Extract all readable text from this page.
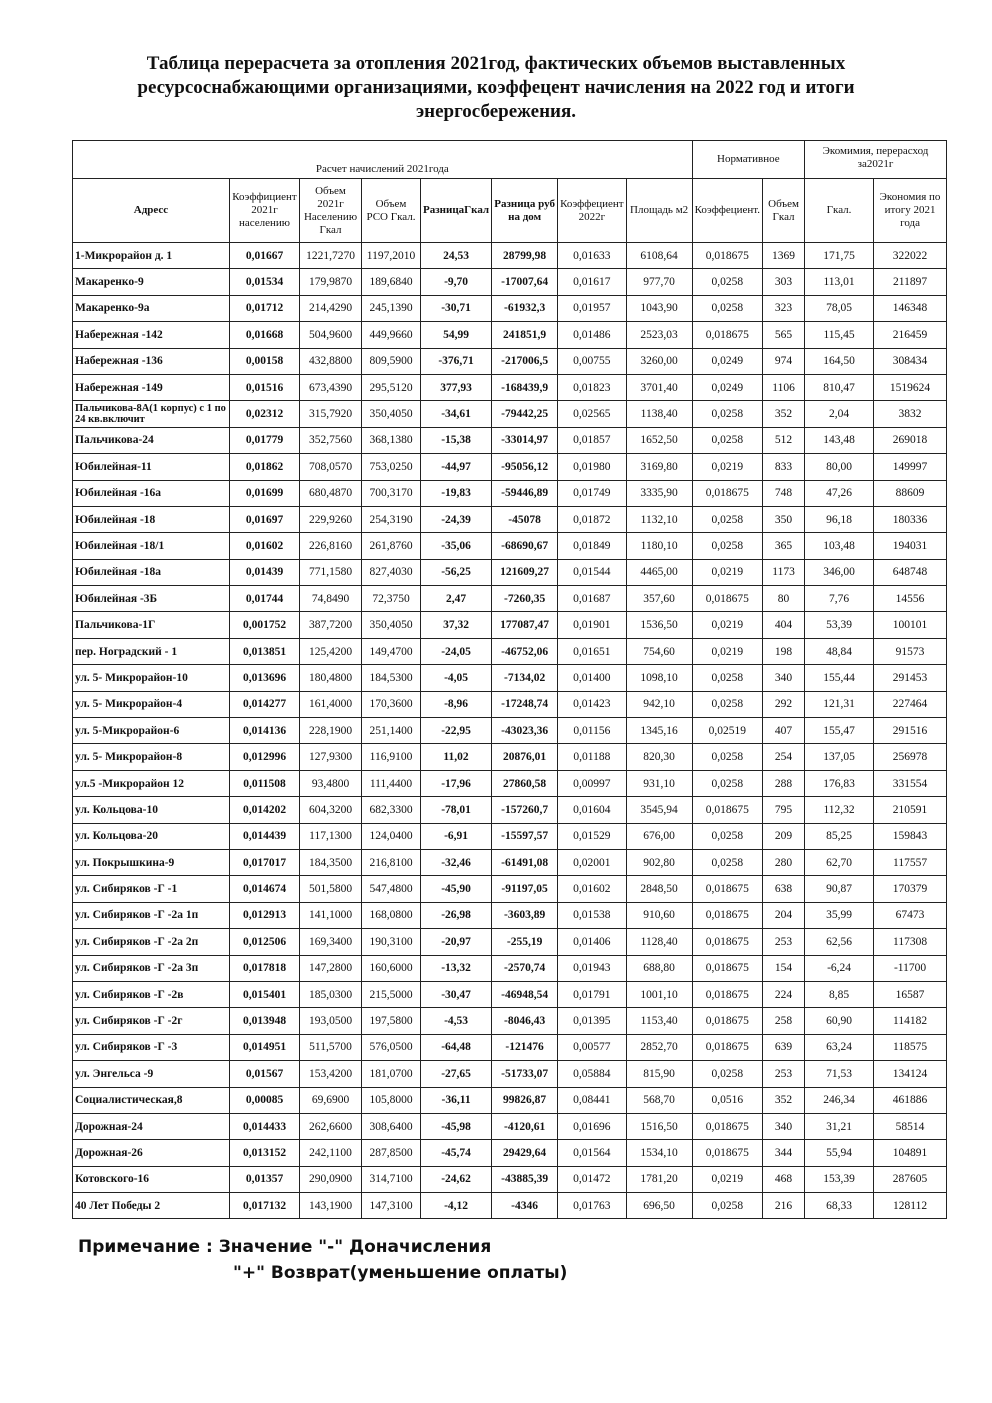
Таблица перерасчета за отопления 2021год, фактических объемов выставленных
ресурсоснабжающими организациями, коэффецент начисления на 2022 год и итоги
энергосбережения.
Расчет начислений 2021года								Нормативное		Экомимия, перерасход за2021г	
Адресс	Коэффициент 2021г населению	Объем 2021г Населению Гкал	Объем РСО Гкал.	РазницаГкал	Разница руб на дом	Коэффециент 2022г	Площадь м2	Коэффециент.	Объем Гкал	Гкал.	Экономия по итогу 2021 года
1-Микрорайон д. 1	0,01667	1221,7270	1197,2010	24,53	28799,98	0,01633	6108,64	0,018675	1369	171,75	322022
Макаренко-9	0,01534	179,9870	189,6840	-9,70	-17007,64	0,01617	977,70	0,0258	303	113,01	211897
Макаренко-9а	0,01712	214,4290	245,1390	-30,71	-61932,3	0,01957	1043,90	0,0258	323	78,05	146348
Набережная -142	0,01668	504,9600	449,9660	54,99	241851,9	0,01486	2523,03	0,018675	565	115,45	216459
Набережная -136	0,00158	432,8800	809,5900	-376,71	-217006,5	0,00755	3260,00	0,0249	974	164,50	308434
Набережная -149	0,01516	673,4390	295,5120	377,93	-168439,9	0,01823	3701,40	0,0249	1106	810,47	1519624
Пальчикова-8А(1 корпус) с 1 по 24 кв.включит	0,02312	315,7920	350,4050	-34,61	-79442,25	0,02565	1138,40	0,0258	352	2,04	3832
Пальчикова-24	0,01779	352,7560	368,1380	-15,38	-33014,97	0,01857	1652,50	0,0258	512	143,48	269018
Юбилейная-11	0,01862	708,0570	753,0250	-44,97	-95056,12	0,01980	3169,80	0,0219	833	80,00	149997
Юбилейная -16а	0,01699	680,4870	700,3170	-19,83	-59446,89	0,01749	3335,90	0,018675	748	47,26	88609
Юбилейная -18	0,01697	229,9260	254,3190	-24,39	-45078	0,01872	1132,10	0,0258	350	96,18	180336
Юбилейная -18/1	0,01602	226,8160	261,8760	-35,06	-68690,67	0,01849	1180,10	0,0258	365	103,48	194031
Юбилейная -18а	0,01439	771,1580	827,4030	-56,25	121609,27	0,01544	4465,00	0,0219	1173	346,00	648748
Юбилейная -3Б	0,01744	74,8490	72,3750	2,47	-7260,35	0,01687	357,60	0,018675	80	7,76	14556
Пальчикова-1Г	0,001752	387,7200	350,4050	37,32	177087,47	0,01901	1536,50	0,0219	404	53,39	100101
пер. Ноградский - 1	0,013851	125,4200	149,4700	-24,05	-46752,06	0,01651	754,60	0,0219	198	48,84	91573
ул. 5- Микрорайон-10	0,013696	180,4800	184,5300	-4,05	-7134,02	0,01400	1098,10	0,0258	340	155,44	291453
ул. 5- Микрорайон-4	0,014277	161,4000	170,3600	-8,96	-17248,74	0,01423	942,10	0,0258	292	121,31	227464
ул. 5-Микрорайон-6	0,014136	228,1900	251,1400	-22,95	-43023,36	0,01156	1345,16	0,02519	407	155,47	291516
ул. 5- Микрорайон-8	0,012996	127,9300	116,9100	11,02	20876,01	0,01188	820,30	0,0258	254	137,05	256978
ул.5 -Микрорайон 12	0,011508	93,4800	111,4400	-17,96	27860,58	0,00997	931,10	0,0258	288	176,83	331554
ул. Кольцова-10	0,014202	604,3200	682,3300	-78,01	-157260,7	0,01604	3545,94	0,018675	795	112,32	210591
ул. Кольцова-20	0,014439	117,1300	124,0400	-6,91	-15597,57	0,01529	676,00	0,0258	209	85,25	159843
ул. Покрышкина-9	0,017017	184,3500	216,8100	-32,46	-61491,08	0,02001	902,80	0,0258	280	62,70	117557
ул. Сибиряков -Г -1	0,014674	501,5800	547,4800	-45,90	-91197,05	0,01602	2848,50	0,018675	638	90,87	170379
ул. Сибиряков -Г -2а 1п	0,012913	141,1000	168,0800	-26,98	-3603,89	0,01538	910,60	0,018675	204	35,99	67473
ул. Сибиряков -Г -2а 2п	0,012506	169,3400	190,3100	-20,97	-255,19	0,01406	1128,40	0,018675	253	62,56	117308
ул. Сибиряков -Г -2а 3п	0,017818	147,2800	160,6000	-13,32	-2570,74	0,01943	688,80	0,018675	154	-6,24	-11700
ул. Сибиряков -Г -2в	0,015401	185,0300	215,5000	-30,47	-46948,54	0,01791	1001,10	0,018675	224	8,85	16587
ул. Сибиряков -Г -2г	0,013948	193,0500	197,5800	-4,53	-8046,43	0,01395	1153,40	0,018675	258	60,90	114182
ул. Сибиряков -Г -3	0,014951	511,5700	576,0500	-64,48	-121476	0,00577	2852,70	0,018675	639	63,24	118575
ул. Энгельса -9	0,01567	153,4200	181,0700	-27,65	-51733,07	0,05884	815,90	0,0258	253	71,53	134124
Социалистическая,8	0,00085	69,6900	105,8000	-36,11	99826,87	0,08441	568,70	0,0516	352	246,34	461886
Дорожная-24	0,014433	262,6600	308,6400	-45,98	-4120,61	0,01696	1516,50	0,018675	340	31,21	58514
Дорожная-26	0,013152	242,1100	287,8500	-45,74	29429,64	0,01564	1534,10	0,018675	344	55,94	104891
Котовского-16	0,01357	290,0900	314,7100	-24,62	-43885,39	0,01472	1781,20	0,0219	468	153,39	287605
40 Лет Победы 2	0,017132	143,1900	147,3100	-4,12	-4346	0,01763	696,50	0,0258	216	68,33	128112
Примечание : Значение "-" Доначисления
"+" Возврат(уменьшение оплаты)
